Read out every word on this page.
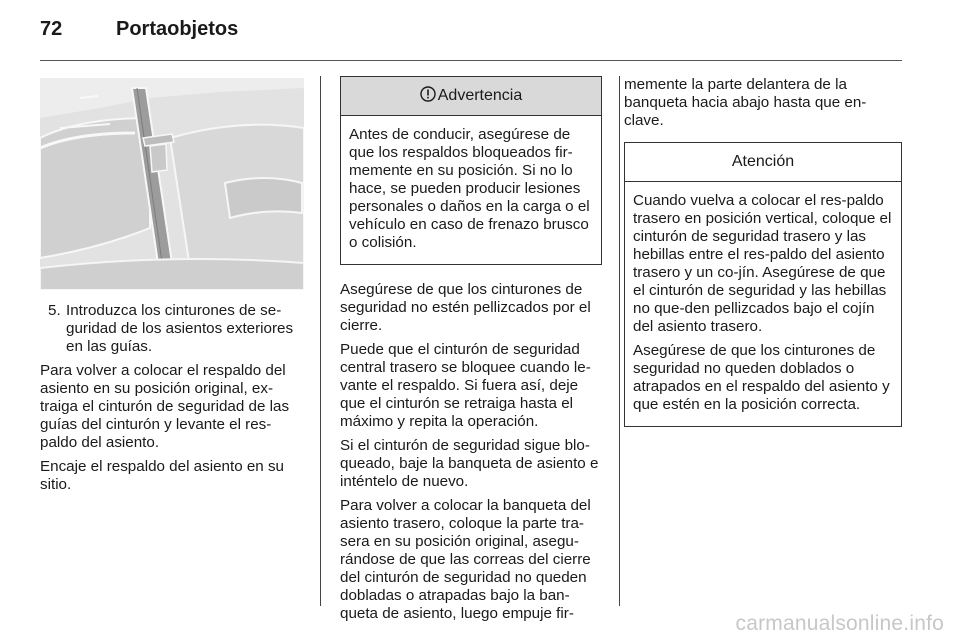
72	Portaobjetos
5. Introduzca los cinturones de se-guridad de los asientos exteriores en las guías.

Para volver a colocar el respaldo del asiento en su posición original, ex-traiga el cinturón de seguridad de las guías del cinturón y levante el res-paldo del asiento.

Encaje el respaldo del asiento en su sitio.

Advertencia

Antes de conducir, asegúrese de que los respaldos bloqueados fir-memente en su posición. Si no lo hace, se pueden producir lesiones personales o daños en la carga o el vehículo en caso de frenazo brusco o colisión.

Asegúrese de que los cinturones de seguridad no estén pellizcados por el cierre.

Puede que el cinturón de seguridad central trasero se bloquee cuando le-vante el respaldo. Si fuera así, deje que el cinturón se retraiga hasta el máximo y repita la operación.

Si el cinturón de seguridad sigue blo-queado, baje la banqueta de asiento e inténtelo de nuevo.

Para volver a colocar la banqueta del asiento trasero, coloque la parte tra-sera en su posición original, asegu-rándose de que las correas del cierre del cinturón de seguridad no queden dobladas o atrapadas bajo la ban-queta de asiento, luego empuje fir-

memente la parte delantera de la banqueta hacia abajo hasta que en-clave.

Atención

Cuando vuelva a colocar el res-paldo trasero en posición vertical, coloque el cinturón de seguridad trasero y las hebillas entre el res-paldo del asiento trasero y un co-jín. Asegúrese de que el cinturón de seguridad y las hebillas no que-den pellizcados bajo el cojín del asiento trasero.

Asegúrese de que los cinturones de seguridad no queden doblados o atrapados en el respaldo del asiento y que estén en la posición correcta.

carmanualsonline.info
